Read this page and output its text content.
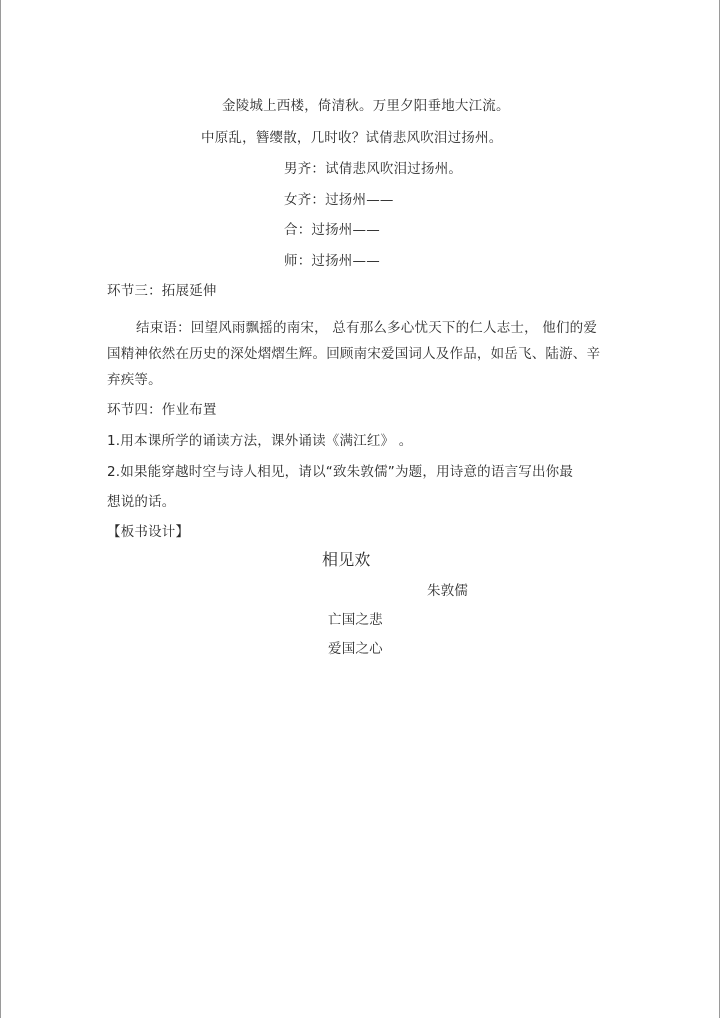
金陵城上西楼，倚清秋。万里夕阳垂地大江流。
中原乱，簪缨散，几时收？试倩悲风吹泪过扬州。
男齐：试倩悲风吹泪过扬州。
女齐：过扬州——
合：过扬州——
师：过扬州——
环节三：拓展延伸
结束语：回望风雨飘摇的南宋， 总有那么多心忧天下的仁人志士， 他们的爱
国精神依然在历史的深处熠熠生辉。回顾南宋爱国词人及作品，如岳飞、陆游、辛
弃疾等。
环节四：作业布置
1.用本课所学的诵读方法，课外诵读《满江红》 。
2.如果能穿越时空与诗人相见，请以“致朱敦儒”为题，用诗意的语言写出你最
想说的话。
【板书设计】
相见欢
朱敦儒
亡国之悲
爱国之心
